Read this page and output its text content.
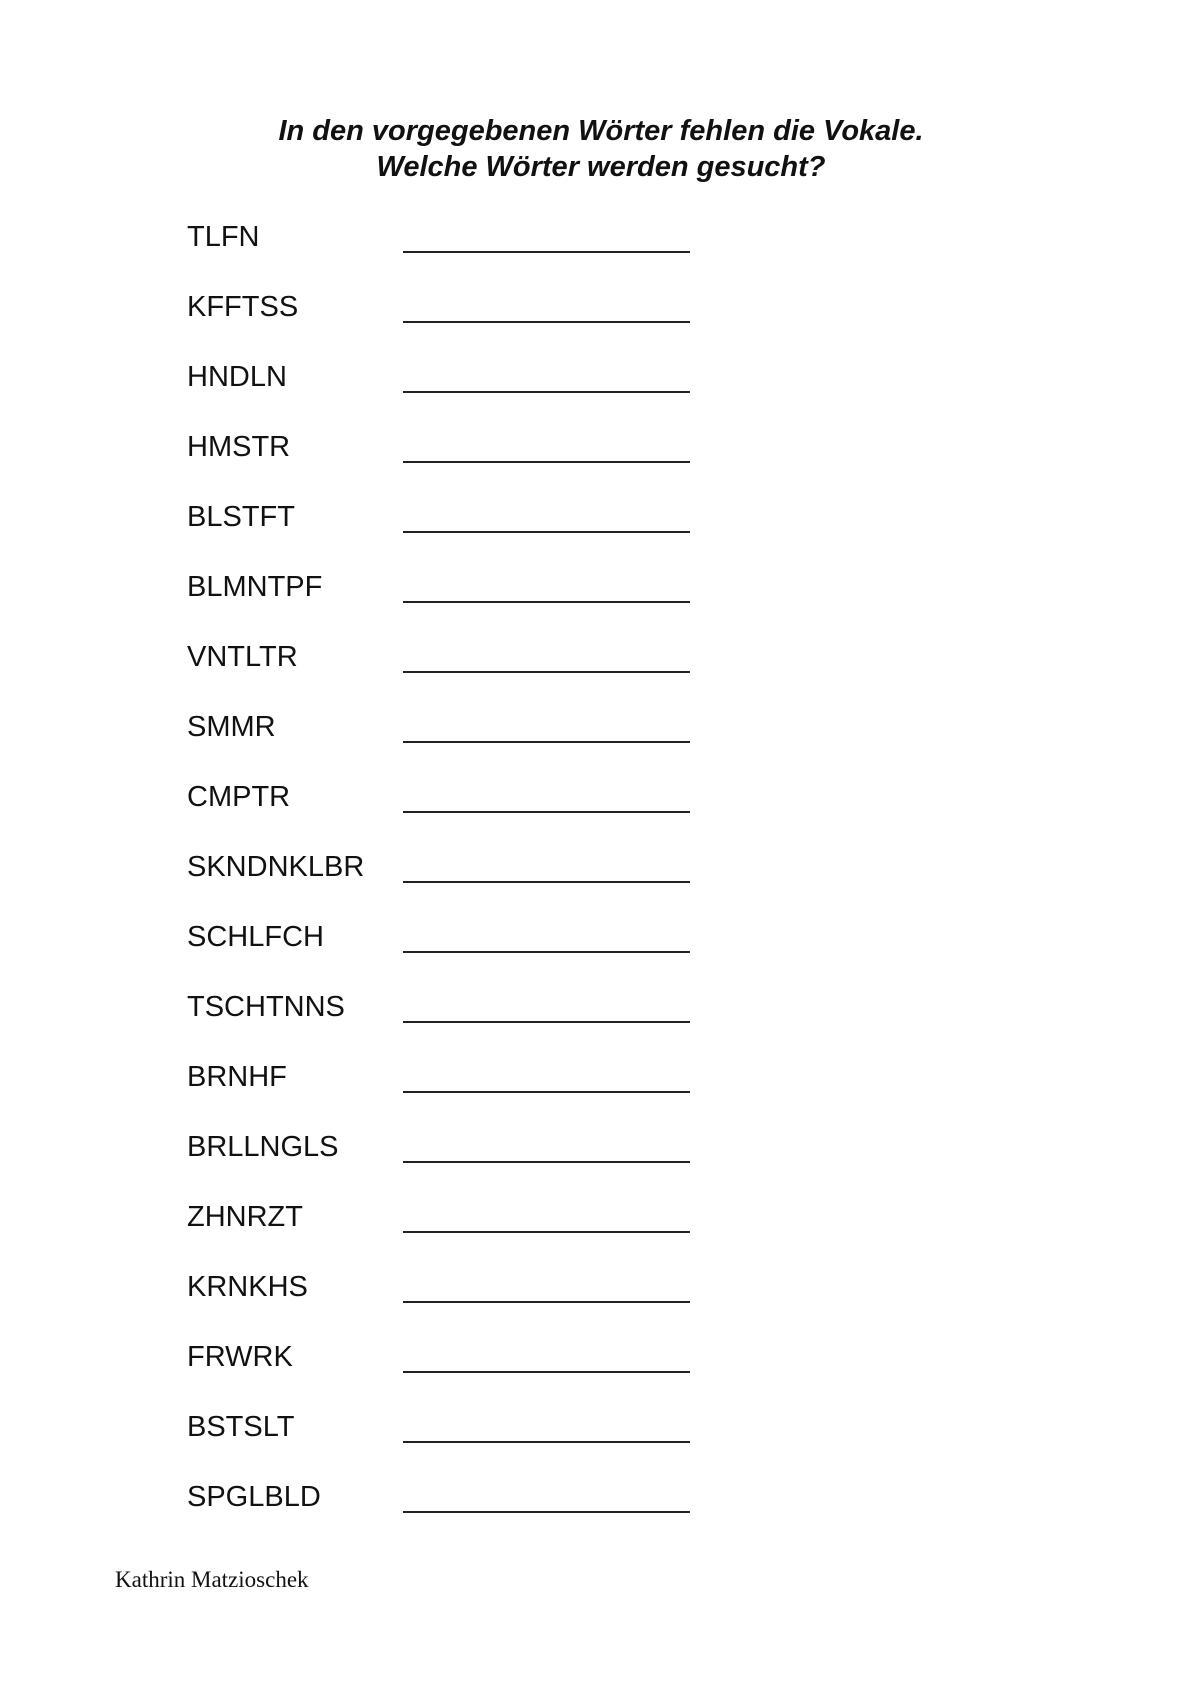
In den vorgegebenen Wörter fehlen die Vokale.
Welche Wörter werden gesucht?
TLFN
KFFTSS
HNDLN
HMSTR
BLSTFT
BLMNTPF
VNTLTR
SMMR
CMPTR
SKNDNKLBR
SCHLFCH
TSCHTNNS
BRNHF
BRLLNGLS
ZHNRZT
KRNKHS
FRWRK
BSTSLT
SPGLBLD
Kathrin Matzioschek
